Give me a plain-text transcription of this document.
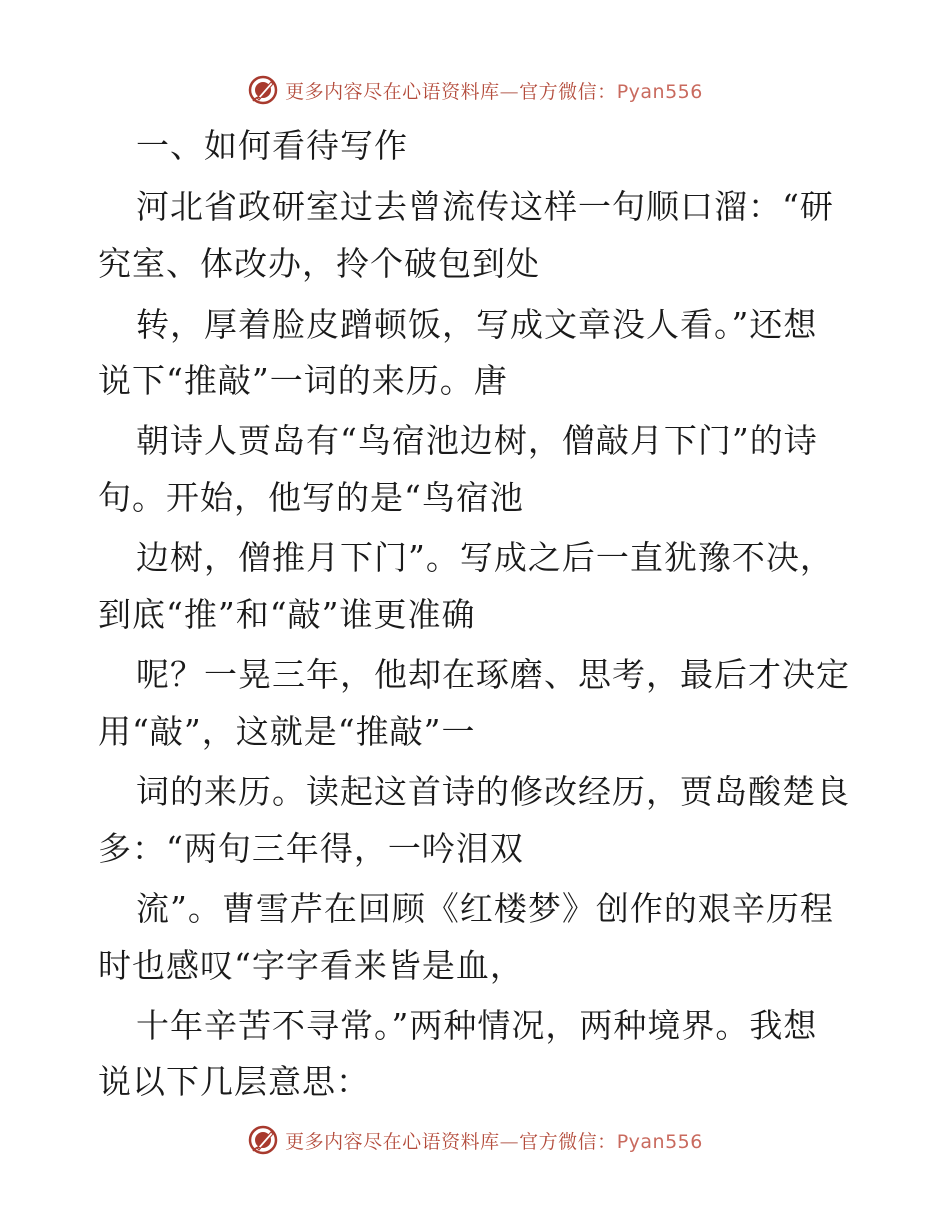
更多内容尽在心语资料库—官方微信：Pyan556
一、如何看待写作
河北省政研室过去曾流传这样一句顺口溜：“研
究室、体改办，拎个破包到处
转，厚着脸皮蹭顿饭，写成文章没人看。”还想
说下“推敲”一词的来历。唐
朝诗人贾岛有“鸟宿池边树，僧敲月下门”的诗
句。开始，他写的是“鸟宿池
边树，僧推月下门”。写成之后一直犹豫不决，
到底“推”和“敲”谁更准确
呢？一晃三年，他却在琢磨、思考，最后才决定
用“敲”，这就是“推敲”一
词的来历。读起这首诗的修改经历，贾岛酸楚良
多：“两句三年得，一吟泪双
流”。曹雪芹在回顾《红楼梦》创作的艰辛历程
时也感叹“字字看来皆是血，
十年辛苦不寻常。”两种情况，两种境界。我想
说以下几层意思：
更多内容尽在心语资料库—官方微信：Pyan556
